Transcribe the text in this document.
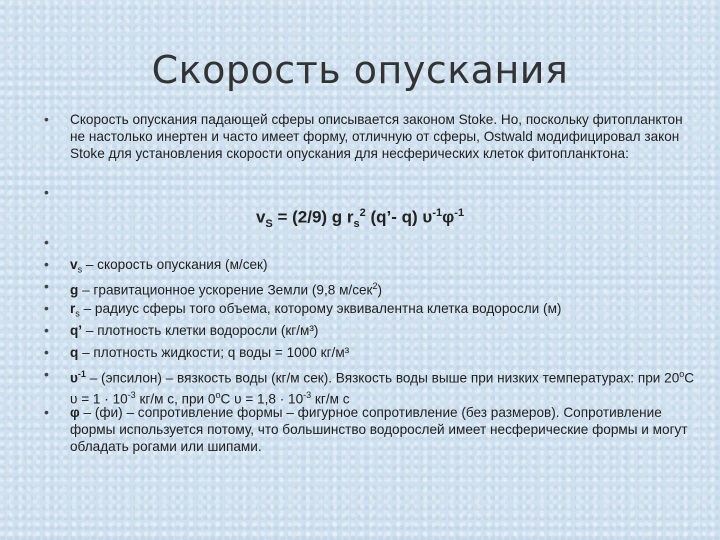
Скорость опускания
•	Скорость опускания падающей сферы описывается законом Stoke. Но, поскольку фитопланктон не настолько инертен и часто имеет форму, отличную от сферы, Ostwald модифицировал закон Stoke для установления скорости опускания для несферических клеток фитопланктона:
•
$v_S = (2/9)$ g $r_s^2$ (q’- q) $\upsilon^{-1}\varphi^{-1}$
•
•	$v_s$ – скорость опускания (м/сек)
•	g – гравитационное ускорение Земли (9,8 м/сек$^2$)
•	$r_s$ – радиус сферы того объема, которому эквивалентна клетка водоросли (м)
•	q’ – плотность клетки водоросли (кг/м³)
•	q – плотность жидкости; q воды = 1000 кг/м³
•	$\upsilon^{-1}$ – (эпсилон) – вязкость воды (кг/м сек). Вязкость воды выше при низких температурах: при $20^оС$ $\upsilon = 1 \cdot 10^{-3}$ кг/м с, при $0^оС$ $\upsilon = 1,8 \cdot 10^{-3}$ кг/м с
•	φ – (фи) – сопротивление формы – фигурное сопротивление (без размеров). Сопротивление формы используется потому, что большинство водорослей имеет несферические формы и могут обладать рогами или шипами.
